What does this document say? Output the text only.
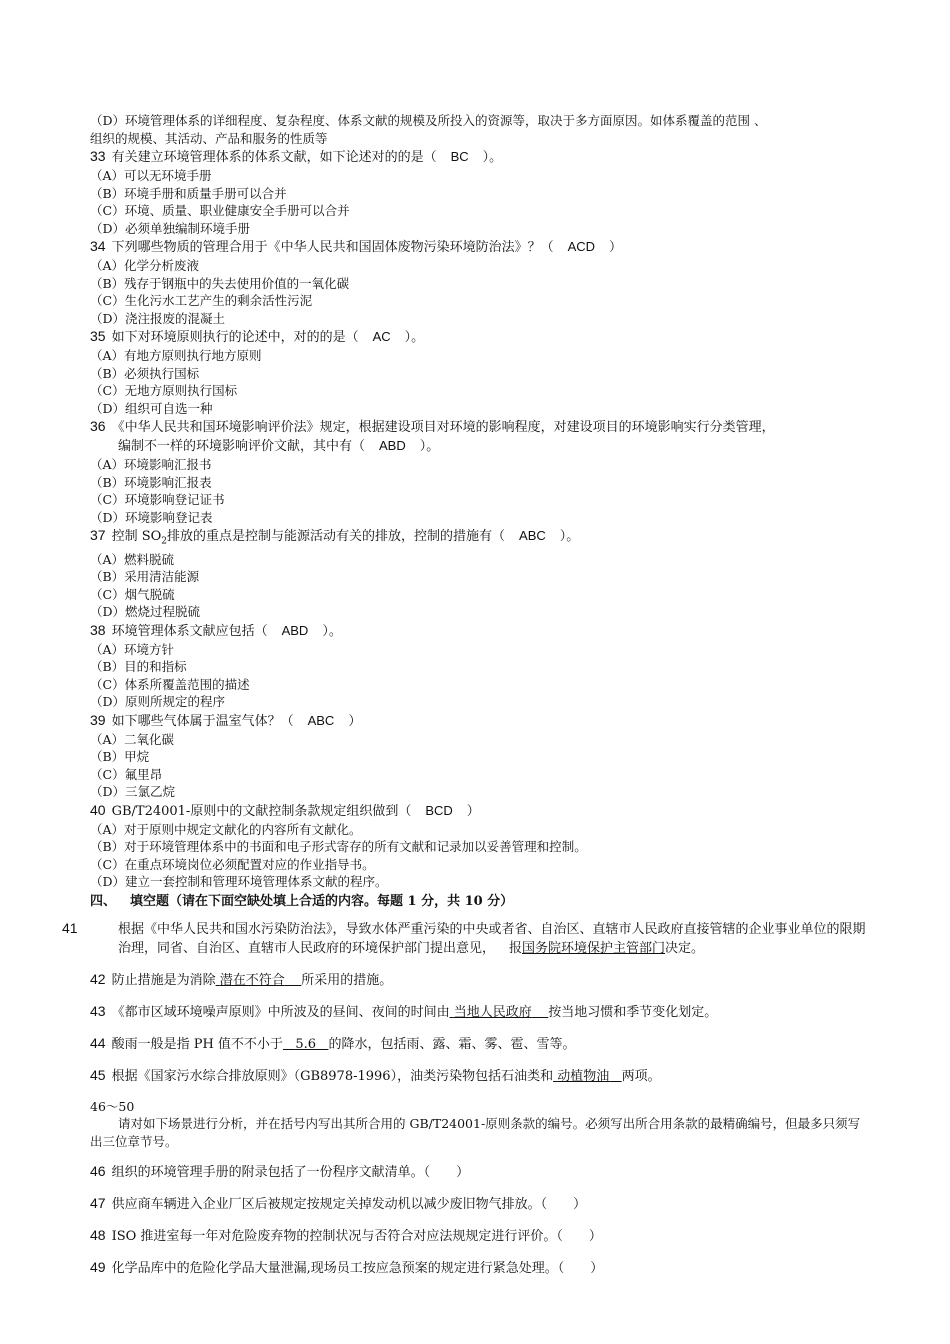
（D）环境管理体系的详细程度、复杂程度、体系文献的规模及所投入的资源等，取决于多方面原因。如体系覆盖的范围 、
组织的规模、其活动、产品和服务的性质等
33 有关建立环境管理体系的体系文献，如下论述对的的是（ BC ）。
（A）可以无环境手册
（B）环境手册和质量手册可以合并
（C）环境、质量、职业健康安全手册可以合并
（D）必须单独编制环境手册
34 下列哪些物质的管理合用于《中华人民共和国固体废物污染环境防治法》？（ ACD ）
（A）化学分析废液
（B）残存于钢瓶中的失去使用价值的一氧化碳
（C）生化污水工艺产生的剩余活性污泥
（D）浇注报废的混凝土
35 如下对环境原则执行的论述中，对的的是（ AC ）。
（A）有地方原则执行地方原则
（B）必须执行国标
（C）无地方原则执行国标
（D）组织可自选一种
36 《中华人民共和国环境影响评价法》规定，根据建设项目对环境的影响程度，对建设项目的环境影响实行分类管理，
编制不一样的环境影响评价文献，其中有（ ABD ）。
（A）环境影响汇报书
（B）环境影响汇报表
（C）环境影响登记证书
（D）环境影响登记表
37 控制 $SO_2$排放的重点是控制与能源活动有关的排放，控制的措施有（ ABC ）。
（A）燃料脱硫
（B）采用清洁能源
（C）烟气脱硫
（D）燃烧过程脱硫
38 环境管理体系文献应包括（ ABD ）。
（A）环境方针
（B）目的和指标
（C）体系所覆盖范围的描述
（D）原则所规定的程序
39 如下哪些气体属于温室气体？（ ABC ）
（A）二氧化碳
（B）甲烷
（C）氟里昂
（D）三氯乙烷
40 GB/T24001-原则中的文献控制条款规定组织做到（ BCD ）
（A）对于原则中规定文献化的内容所有文献化。
（B）对于环境管理体系中的书面和电子形式寄存的所有文献和记录加以妥善管理和控制。
（C）在重点环境岗位必须配置对应的作业指导书。
（D）建立一套控制和管理环境管理体系文献的程序。
四、 填空题（请在下面空缺处填上合适的内容。每题 1 分，共 10 分）
41	根据《中华人民共和国水污染防治法》，导致水体严重污染的中央或者省、自治区、直辖市人民政府直接管辖的企业事业单位的限期治理，同省、自治区、直辖市人民政府的环境保护部门提出意见， 报国务院环境保护主管部门决定。
42 防止措施是为消除 潜在不符合 所采用的措施。
43 《都市区域环境噪声原则》中所波及的昼间、夜间的时间由 当地人民政府 按当地习惯和季节变化划定。
44 酸雨一般是指 PH 值不不小于 5.6 的降水，包括雨、露、霜、雾、雹、雪等。
45 根据《国家污水综合排放原则》（GB8978-1996），油类污染物包括石油类和 动植物油 两项。
46～50
请对如下场景进行分析，并在括号内写出其所合用的 GB/T24001-原则条款的编号。必须写出所合用条款的最精确编号，但最多只须写出三位章节号。
46 组织的环境管理手册的附录包括了一份程序文献清单。（　　）
47 供应商车辆进入企业厂区后被规定按规定关掉发动机以减少废旧物气排放。（　　）
48 ISO 推进室每一年对危险废弃物的控制状况与否符合对应法规规定进行评价。（　　）
49 化学品库中的危险化学品大量泄漏,现场员工按应急预案的规定进行紧急处理。（　　）
